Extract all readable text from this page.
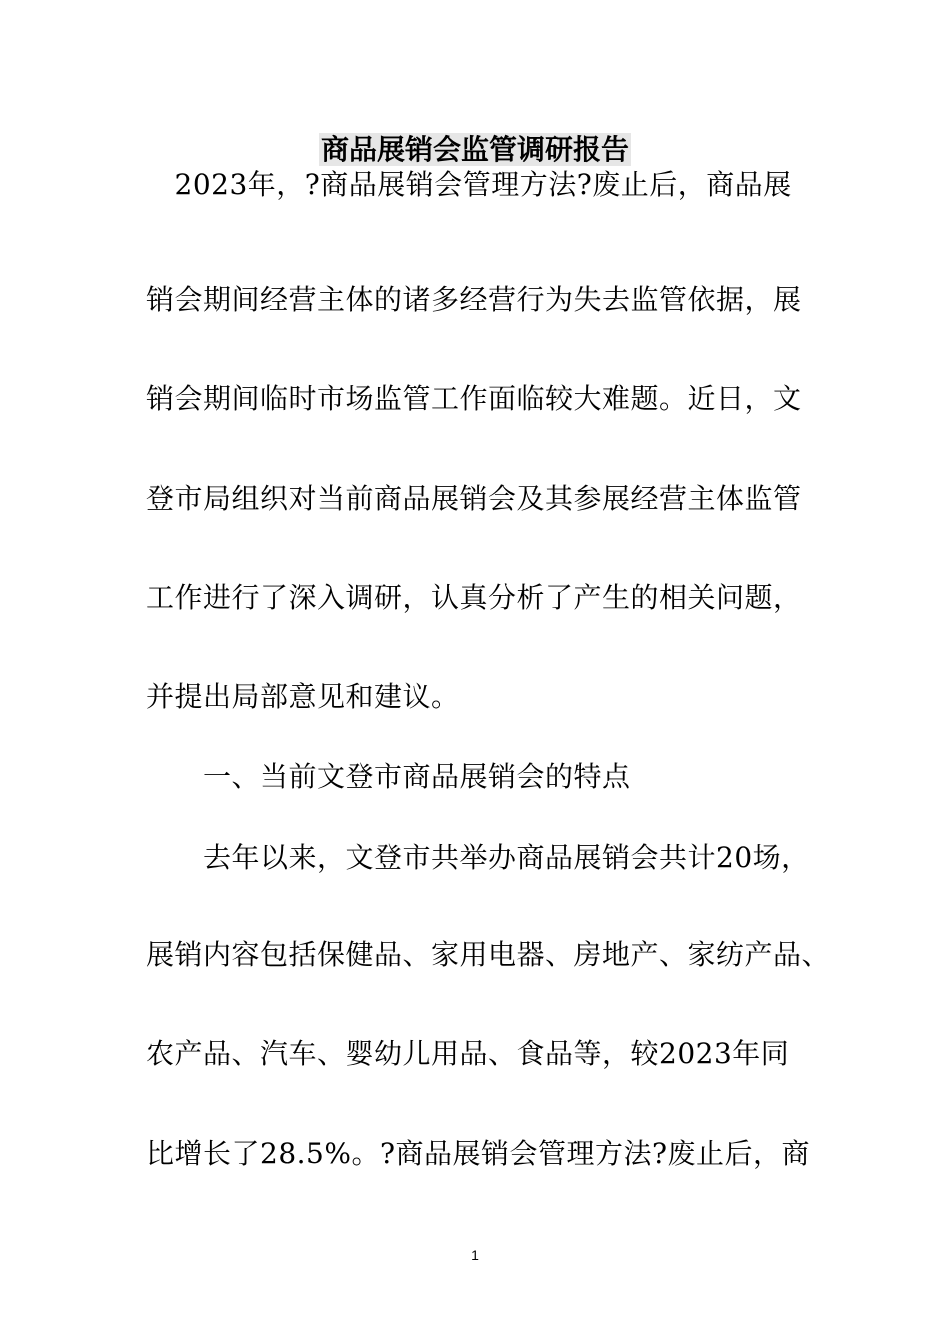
商品展销会监管调研报告
　2023年，?商品展销会管理方法?废止后，商品展
销会期间经营主体的诸多经营行为失去监管依据，展
销会期间临时市场监管工作面临较大难题。近日，文
登市局组织对当前商品展销会及其参展经营主体监管
工作进行了深入调研，认真分析了产生的相关问题，
并提出局部意见和建议。
　　一、当前文登市商品展销会的特点
　　去年以来，文登市共举办商品展销会共计20场，
展销内容包括保健品、家用电器、房地产、家纺产品、
农产品、汽车、婴幼儿用品、食品等，较2023年同
比增长了28.5%。?商品展销会管理方法?废止后，商
1
